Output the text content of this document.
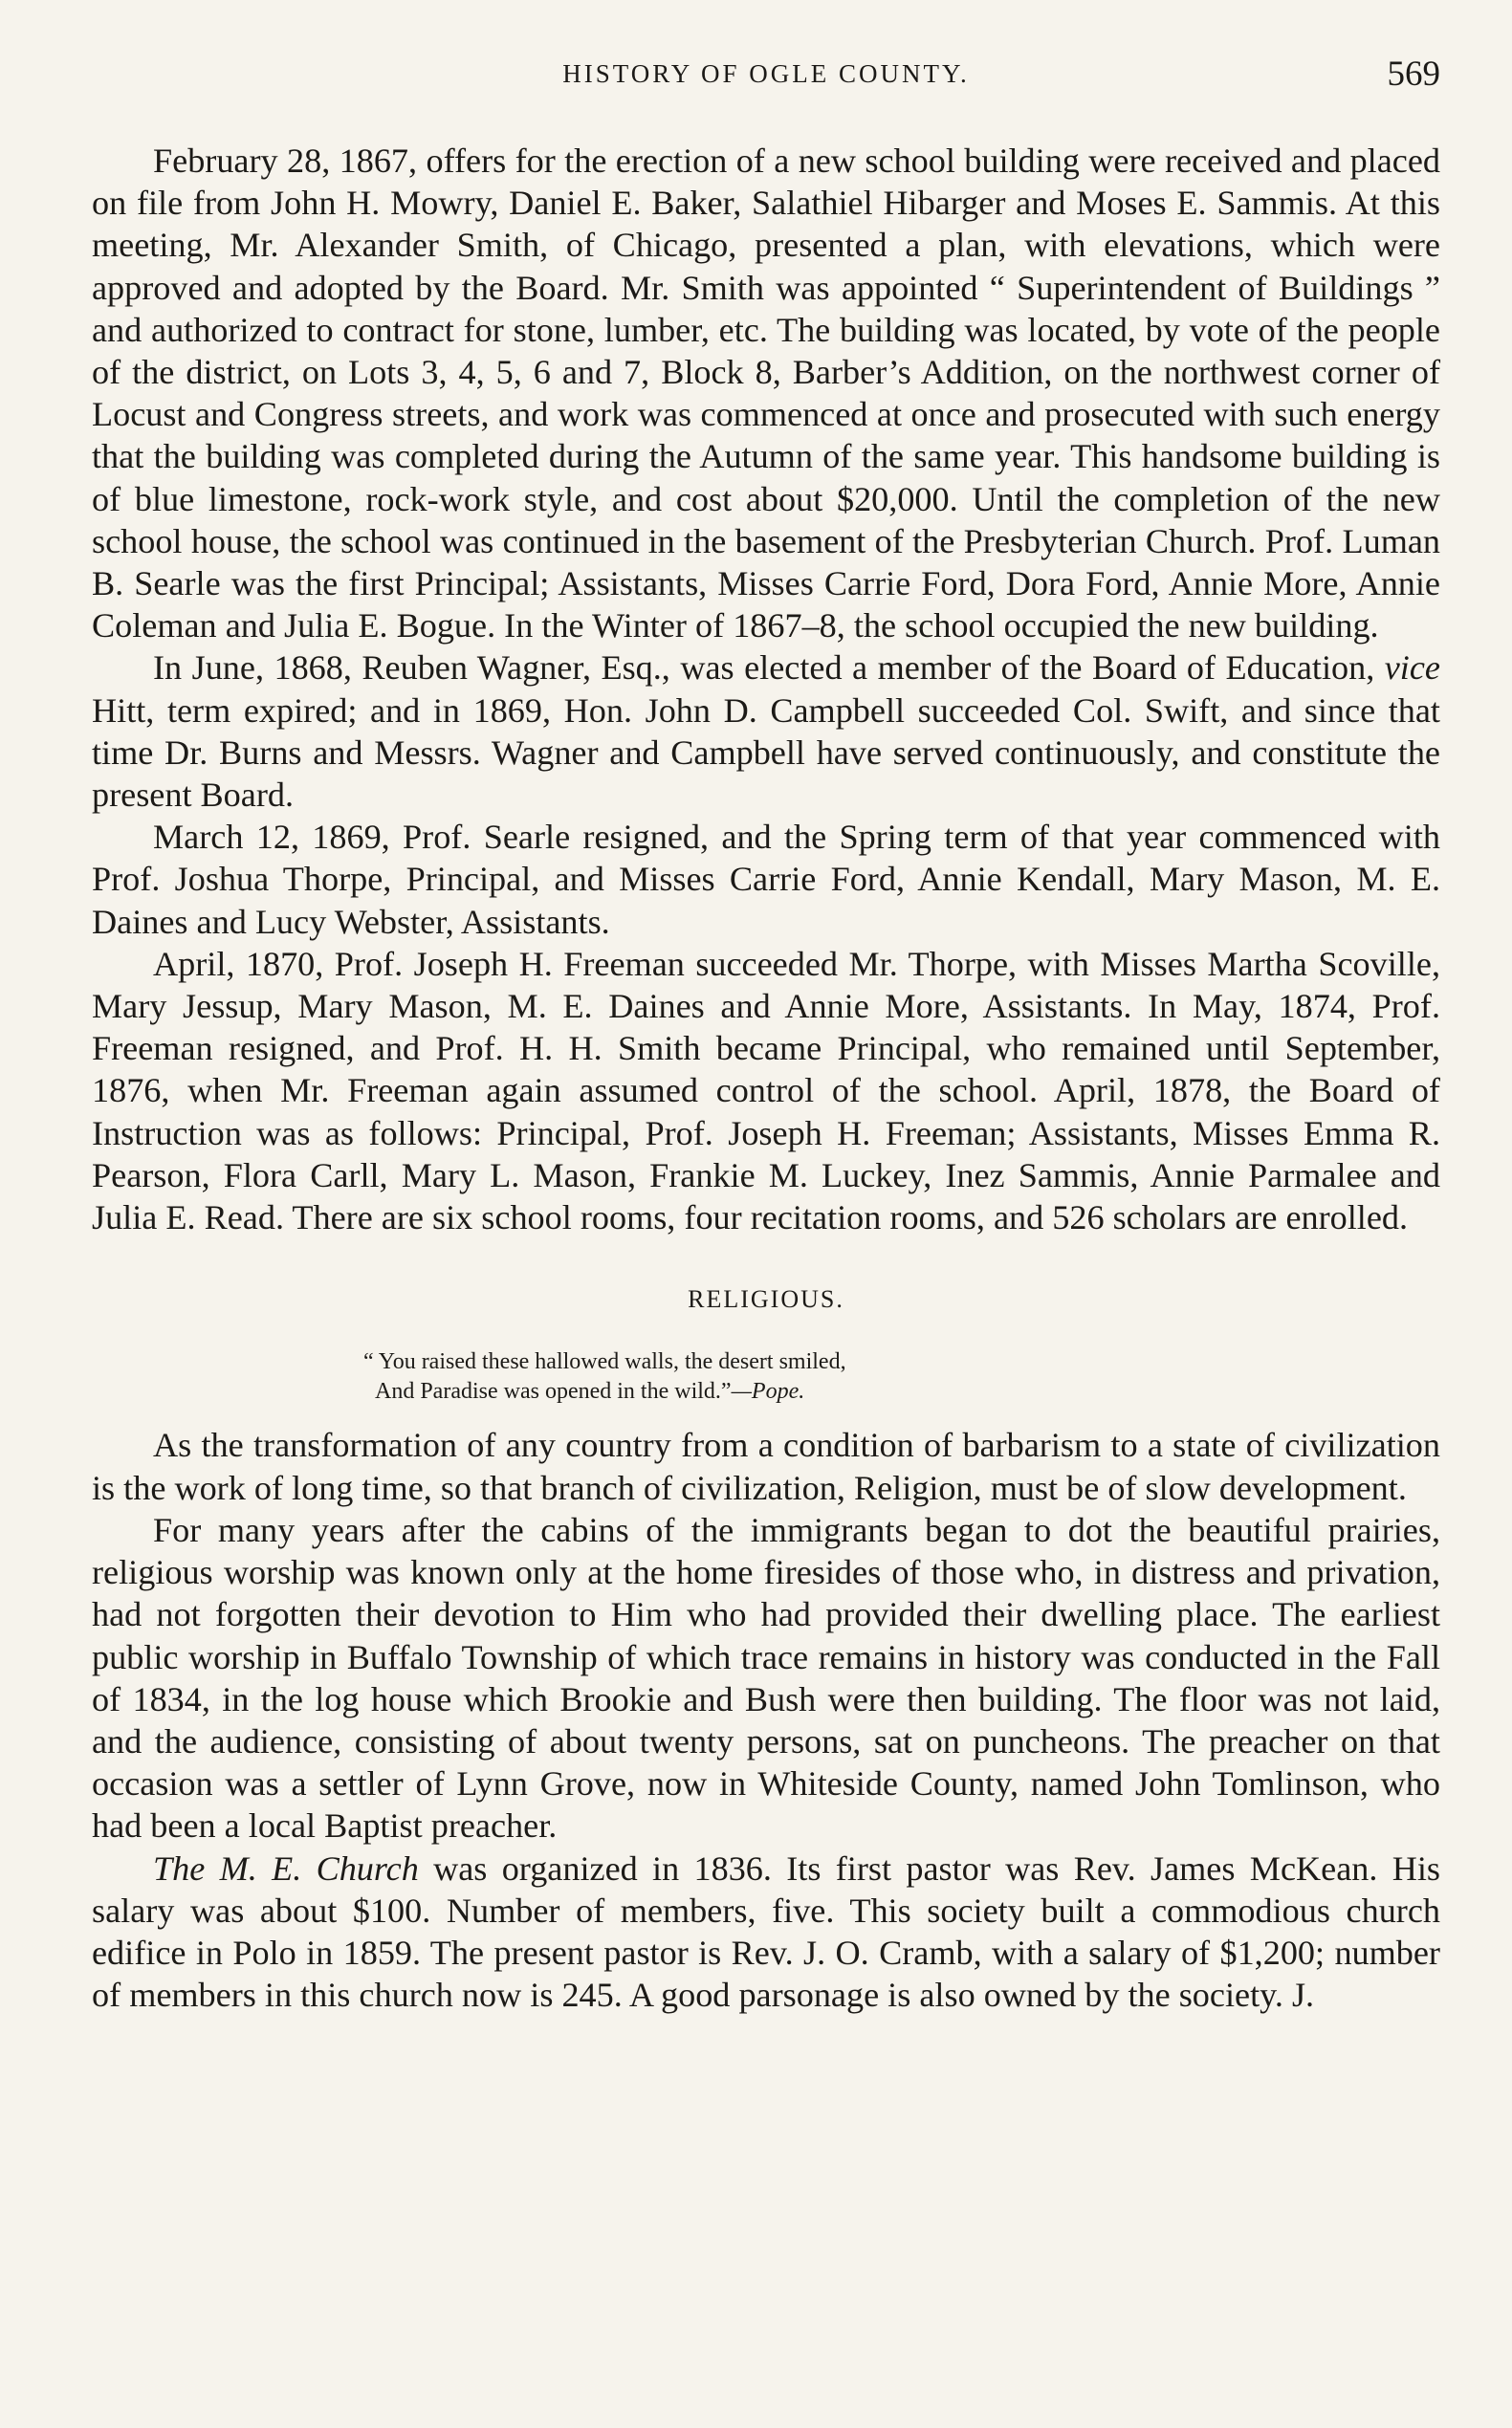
HISTORY OF OGLE COUNTY.	569

February 28, 1867, offers for the erection of a new school building were received and placed on file from John H. Mowry, Daniel E. Baker, Salathiel Hibarger and Moses E. Sammis. At this meeting, Mr. Alexander Smith, of Chicago, presented a plan, with elevations, which were approved and adopted by the Board. Mr. Smith was appointed “ Superintendent of Buildings ” and authorized to contract for stone, lumber, etc. The building was located, by vote of the people of the district, on Lots 3, 4, 5, 6 and 7, Block 8, Barber’s Addition, on the northwest corner of Locust and Congress streets, and work was commenced at once and prosecuted with such energy that the building was completed during the Autumn of the same year. This handsome building is of blue limestone, rock-work style, and cost about $20,000. Until the completion of the new school house, the school was continued in the basement of the Presbyterian Church. Prof. Luman B. Searle was the first Principal; Assistants, Misses Carrie Ford, Dora Ford, Annie More, Annie Coleman and Julia E. Bogue. In the Winter of 1867–8, the school occupied the new building.

In June, 1868, Reuben Wagner, Esq., was elected a member of the Board of Education, vice Hitt, term expired; and in 1869, Hon. John D. Campbell succeeded Col. Swift, and since that time Dr. Burns and Messrs. Wagner and Campbell have served continuously, and constitute the present Board.

March 12, 1869, Prof. Searle resigned, and the Spring term of that year commenced with Prof. Joshua Thorpe, Principal, and Misses Carrie Ford, Annie Kendall, Mary Mason, M. E. Daines and Lucy Webster, Assistants.

April, 1870, Prof. Joseph H. Freeman succeeded Mr. Thorpe, with Misses Martha Scoville, Mary Jessup, Mary Mason, M. E. Daines and Annie More, Assistants. In May, 1874, Prof. Freeman resigned, and Prof. H. H. Smith became Principal, who remained until September, 1876, when Mr. Freeman again assumed control of the school. April, 1878, the Board of Instruction was as follows: Principal, Prof. Joseph H. Freeman; Assistants, Misses Emma R. Pearson, Flora Carll, Mary L. Mason, Frankie M. Luckey, Inez Sammis, Annie Parmalee and Julia E. Read. There are six school rooms, four recitation rooms, and 526 scholars are enrolled.

RELIGIOUS.
“ You raised these hallowed walls, the desert smiled,
And Paradise was opened in the wild.”—Pope.

As the transformation of any country from a condition of barbarism to a state of civilization is the work of long time, so that branch of civilization, Religion, must be of slow development.

For many years after the cabins of the immigrants began to dot the beautiful prairies, religious worship was known only at the home firesides of those who, in distress and privation, had not forgotten their devotion to Him who had provided their dwelling place. The earliest public worship in Buffalo Township of which trace remains in history was conducted in the Fall of 1834, in the log house which Brookie and Bush were then building. The floor was not laid, and the audience, consisting of about twenty persons, sat on puncheons. The preacher on that occasion was a settler of Lynn Grove, now in Whiteside County, named John Tomlinson, who had been a local Baptist preacher.

The M. E. Church was organized in 1836. Its first pastor was Rev. James McKean. His salary was about $100. Number of members, five. This society built a commodious church edifice in Polo in 1859. The present pastor is Rev. J. O. Cramb, with a salary of $1,200; number of members in this church now is 245. A good parsonage is also owned by the society. J.
